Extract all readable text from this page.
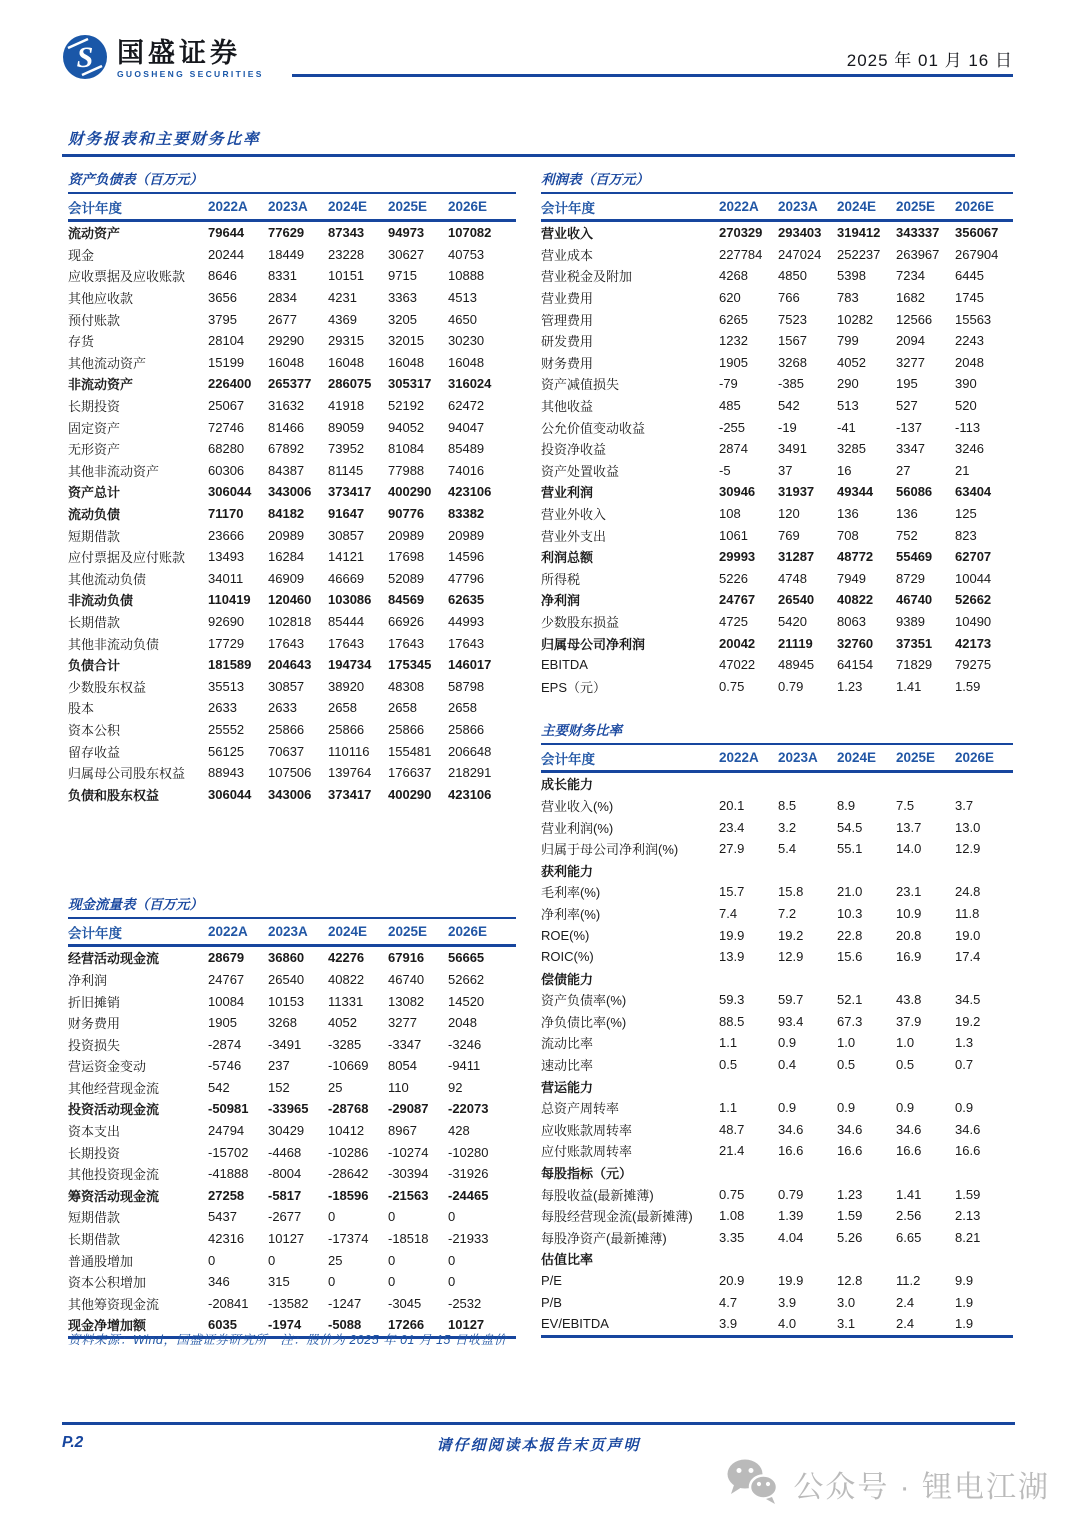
S 国盛证券
GUOSHENG SECURITIES
2025 年 01 月 16 日
财务报表和主要财务比率
资产负债表（百万元）
会计年度	2022A	2023A	2024E	2025E	2026E
流动资产	79644	77629	87343	94973	107082
现金	20244	18449	23228	30627	40753
应收票据及应收账款	8646	8331	10151	9715	10888
其他应收款	3656	2834	4231	3363	4513
预付账款	3795	2677	4369	3205	4650
存货	28104	29290	29315	32015	30230
其他流动资产	15199	16048	16048	16048	16048
非流动资产	226400	265377	286075	305317	316024
长期投资	25067	31632	41918	52192	62472
固定资产	72746	81466	89059	94052	94047
无形资产	68280	67892	73952	81084	85489
其他非流动资产	60306	84387	81145	77988	74016
资产总计	306044	343006	373417	400290	423106
流动负债	71170	84182	91647	90776	83382
短期借款	23666	20989	30857	20989	20989
应付票据及应付账款	13493	16284	14121	17698	14596
其他流动负债	34011	46909	46669	52089	47796
非流动负债	110419	120460	103086	84569	62635
长期借款	92690	102818	85444	66926	44993
其他非流动负债	17729	17643	17643	17643	17643
负债合计	181589	204643	194734	175345	146017
少数股东权益	35513	30857	38920	48308	58798
股本	2633	2633	2658	2658	2658
资本公积	25552	25866	25866	25866	25866
留存收益	56125	70637	110116	155481	206648
归属母公司股东权益	88943	107506	139764	176637	218291
负债和股东权益	306044	343006	373417	400290	423106
现金流量表（百万元）
会计年度	2022A	2023A	2024E	2025E	2026E
经营活动现金流	28679	36860	42276	67916	56665
净利润	24767	26540	40822	46740	52662
折旧摊销	10084	10153	11331	13082	14520
财务费用	1905	3268	4052	3277	2048
投资损失	-2874	-3491	-3285	-3347	-3246
营运资金变动	-5746	237	-10669	8054	-9411
其他经营现金流	542	152	25	110	92
投资活动现金流	-50981	-33965	-28768	-29087	-22073
资本支出	24794	30429	10412	8967	428
长期投资	-15702	-4468	-10286	-10274	-10280
其他投资现金流	-41888	-8004	-28642	-30394	-31926
筹资活动现金流	27258	-5817	-18596	-21563	-24465
短期借款	5437	-2677	0	0	0
长期借款	42316	10127	-17374	-18518	-21933
普通股增加	0	0	25	0	0
资本公积增加	346	315	0	0	0
其他筹资现金流	-20841	-13582	-1247	-3045	-2532
现金净增加额	6035	-1974	-5088	17266	10127
利润表（百万元）
会计年度	2022A	2023A	2024E	2025E	2026E
营业收入	270329	293403	319412	343337	356067
营业成本	227784	247024	252237	263967	267904
营业税金及附加	4268	4850	5398	7234	6445
营业费用	620	766	783	1682	1745
管理费用	6265	7523	10282	12566	15563
研发费用	1232	1567	799	2094	2243
财务费用	1905	3268	4052	3277	2048
资产减值损失	-79	-385	290	195	390
其他收益	485	542	513	527	520
公允价值变动收益	-255	-19	-41	-137	-113
投资净收益	2874	3491	3285	3347	3246
资产处置收益	-5	37	16	27	21
营业利润	30946	31937	49344	56086	63404
营业外收入	108	120	136	136	125
营业外支出	1061	769	708	752	823
利润总额	29993	31287	48772	55469	62707
所得税	5226	4748	7949	8729	10044
净利润	24767	26540	40822	46740	52662
少数股东损益	4725	5420	8063	9389	10490
归属母公司净利润	20042	21119	32760	37351	42173
EBITDA	47022	48945	64154	71829	79275
EPS（元）	0.75	0.79	1.23	1.41	1.59
主要财务比率
会计年度	2022A	2023A	2024E	2025E	2026E
成长能力
营业收入(%)	20.1	8.5	8.9	7.5	3.7
营业利润(%)	23.4	3.2	54.5	13.7	13.0
归属于母公司净利润(%)	27.9	5.4	55.1	14.0	12.9
获利能力
毛利率(%)	15.7	15.8	21.0	23.1	24.8
净利率(%)	7.4	7.2	10.3	10.9	11.8
ROE(%)	19.9	19.2	22.8	20.8	19.0
ROIC(%)	13.9	12.9	15.6	16.9	17.4
偿债能力
资产负债率(%)	59.3	59.7	52.1	43.8	34.5
净负债比率(%)	88.5	93.4	67.3	37.9	19.2
流动比率	1.1	0.9	1.0	1.0	1.3
速动比率	0.5	0.4	0.5	0.5	0.7
营运能力
总资产周转率	1.1	0.9	0.9	0.9	0.9
应收账款周转率	48.7	34.6	34.6	34.6	34.6
应付账款周转率	21.4	16.6	16.6	16.6	16.6
每股指标（元）
每股收益(最新摊薄)	0.75	0.79	1.23	1.41	1.59
每股经营现金流(最新摊薄)	1.08	1.39	1.59	2.56	2.13
每股净资产(最新摊薄)	3.35	4.04	5.26	6.65	8.21
估值比率
P/E	20.9	19.9	12.8	11.2	9.9
P/B	4.7	3.9	3.0	2.4	1.9
EV/EBITDA	3.9	4.0	3.1	2.4	1.9
资料来源：Wind，国盛证券研究所　注：股价为 2025 年 01 月 15 日收盘价
P.2	请仔细阅读本报告末页声明
公众号 · 锂电江湖
